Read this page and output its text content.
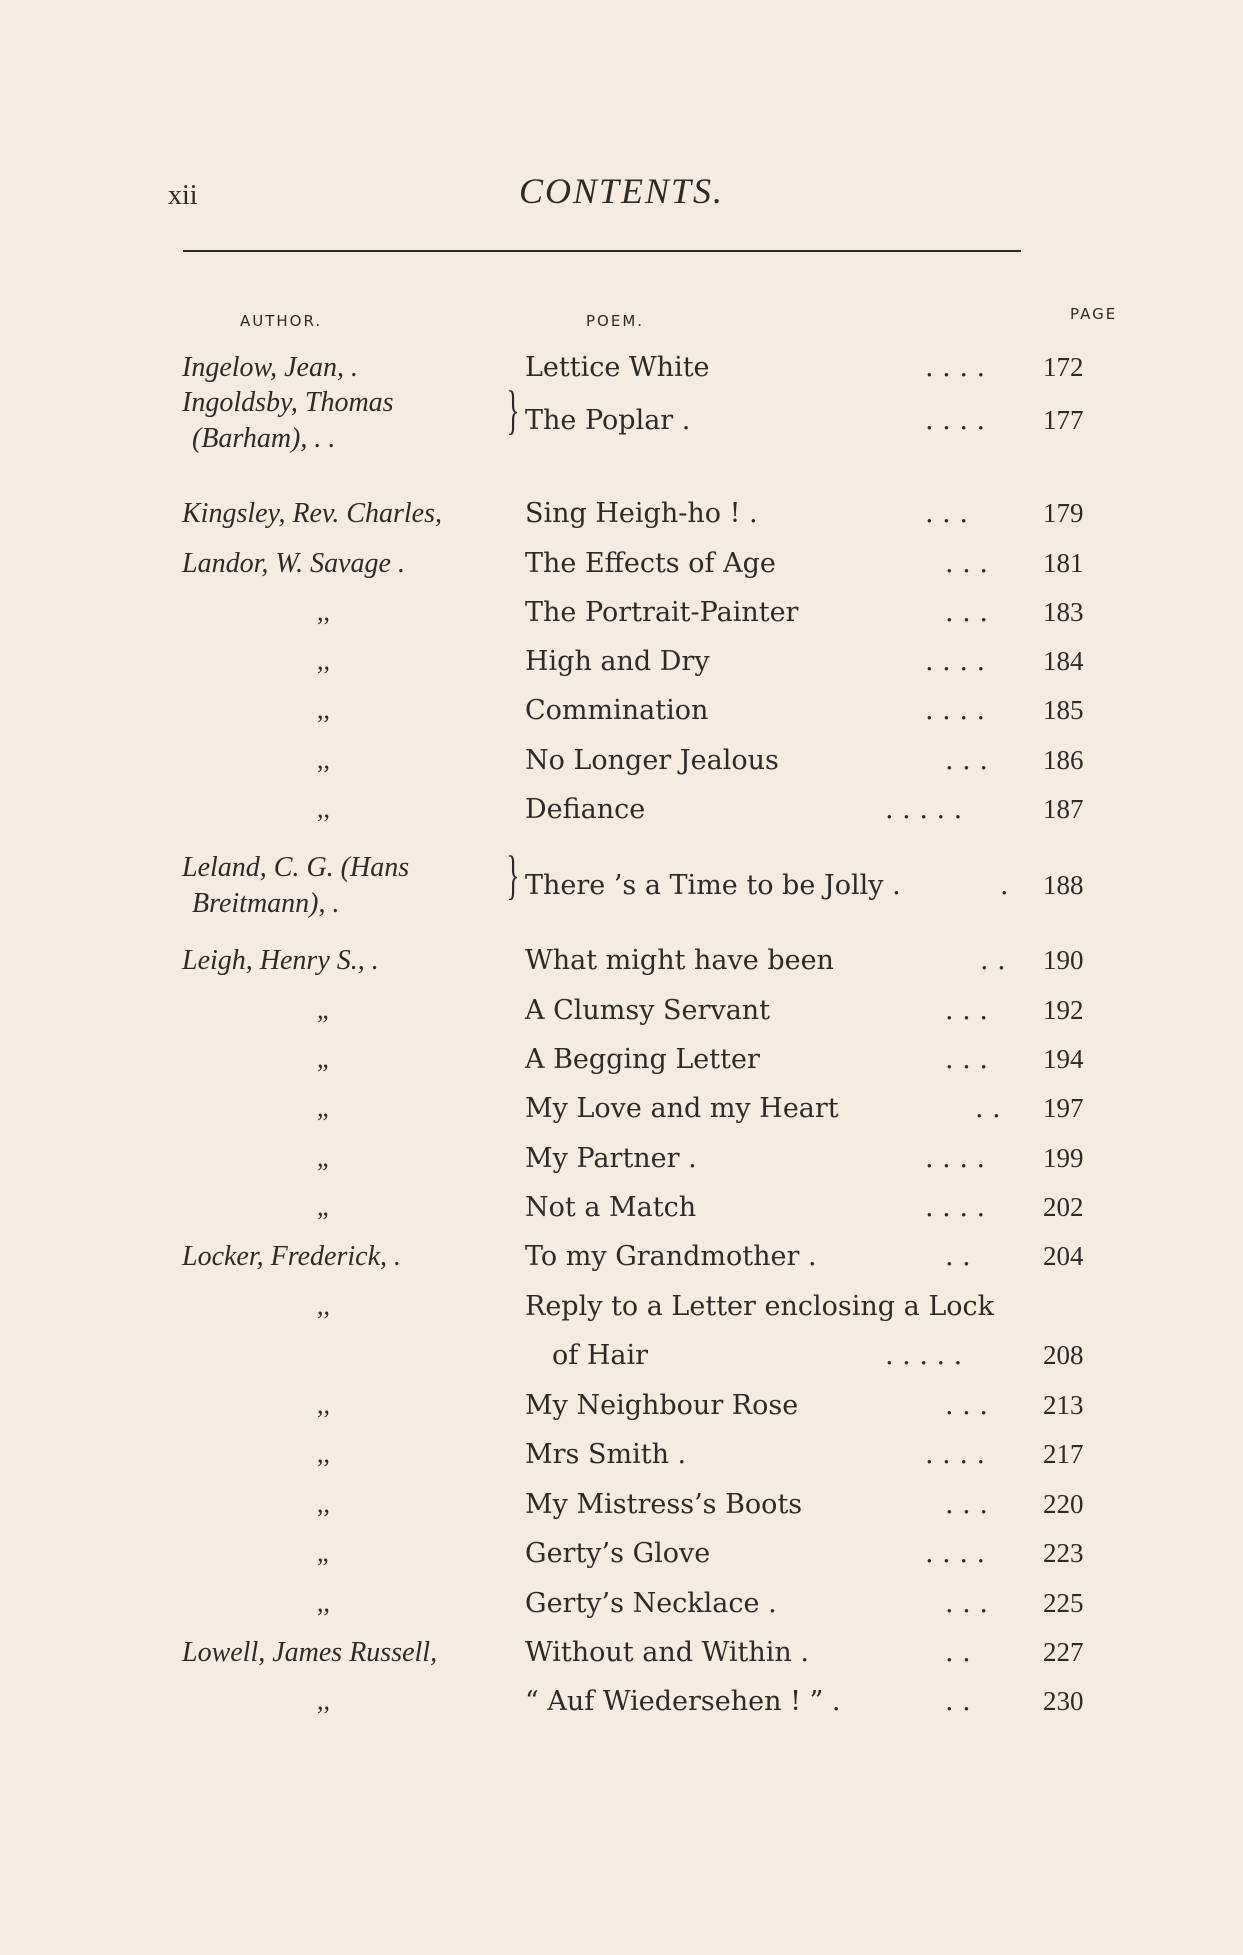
xii	CONTENTS.
AUTHOR.	POEM.	PAGE
Ingelow, Jean, .	Lettice White	. . . . 172
Ingoldsby, Thomas
(Barham), . .	} The Poplar .	. . . . 177
Kingsley, Rev. Charles,	Sing Heigh-ho ! .	. . .	179
Landor, W. Savage .	The Effects of Age	. . . 181
,,	The Portrait-Painter	. . . 183
,,	High and Dry	. . . . 184
,,	Commination	. . . . 185
,,	No Longer Jealous	. . . 186
,,	Defiance	. . . . .	187
Leland, C. G. (Hans
Breitmann), .	} There ’s a Time to be Jolly .	. 188
Leigh, Henry S., .	What might have been	. . 190
„	A Clumsy Servant	. . . 192
„	A Begging Letter	. . . 194
„	My Love and my Heart	. . 197
„	My Partner .	. . . . 199
„	Not a Match	. . . . 202
Locker, Frederick, .	To my Grandmother .	. .	204
,,	Reply to a Letter enclosing a Lock
of Hair	. . . . .	208
,,	My Neighbour Rose	. . . 213
,,	Mrs Smith .	. . . . 217
,,	My Mistress’s Boots	. . . 220
„	Gerty’s Glove	. . . . 223
,,	Gerty’s Necklace .	. . . 225
Lowell, James Russell,	Without and Within .	. .	227
,,	“ Auf Wiedersehen ! ” .	. .	230
